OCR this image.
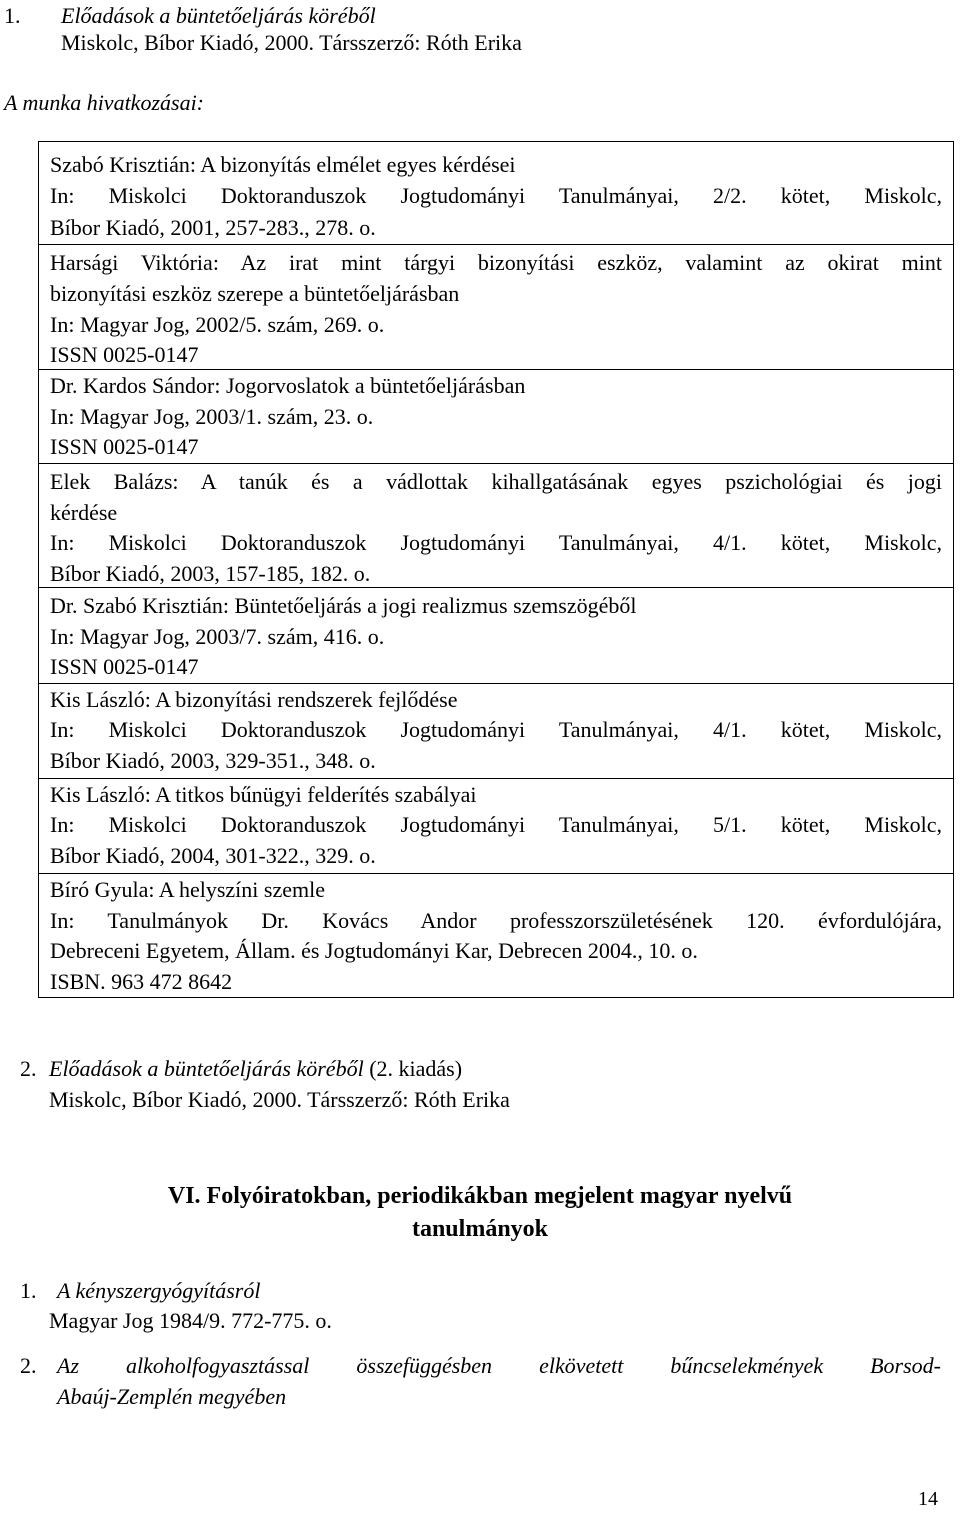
1. Előadások a büntetőeljárás köréből
Miskolc, Bíbor Kiadó, 2000. Társszerző: Róth Erika
A munka hivatkozásai:
Szabó Krisztián: A bizonyítás elmélet egyes kérdései
In: Miskolci Doktoranduszok Jogtudományi Tanulmányai, 2/2. kötet, Miskolc,
Bíbor Kiadó, 2001, 257-283., 278. o.
Harsági Viktória: Az irat mint tárgyi bizonyítási eszköz, valamint az okirat mint
bizonyítási eszköz szerepe a büntetőeljárásban
In: Magyar Jog, 2002/5. szám, 269. o.
ISSN 0025-0147
Dr. Kardos Sándor: Jogorvoslatok a büntetőeljárásban
In: Magyar Jog, 2003/1. szám, 23. o.
ISSN 0025-0147
Elek Balázs: A tanúk és a vádlottak kihallgatásának egyes pszichológiai és jogi
kérdése
In: Miskolci Doktoranduszok Jogtudományi Tanulmányai, 4/1. kötet, Miskolc,
Bíbor Kiadó, 2003, 157-185, 182. o.
Dr. Szabó Krisztián: Büntetőeljárás a jogi realizmus szemszögéből
In: Magyar Jog, 2003/7. szám, 416. o.
ISSN 0025-0147
Kis László: A bizonyítási rendszerek fejlődése
In: Miskolci Doktoranduszok Jogtudományi Tanulmányai, 4/1. kötet, Miskolc,
Bíbor Kiadó, 2003, 329-351., 348. o.
Kis László: A titkos bűnügyi felderítés szabályai
In: Miskolci Doktoranduszok Jogtudományi Tanulmányai, 5/1. kötet, Miskolc,
Bíbor Kiadó, 2004, 301-322., 329. o.
Bíró Gyula: A helyszíni szemle
In: Tanulmányok Dr. Kovács Andor professzorszületésének 120. évfordulójára,
Debreceni Egyetem, Állam. és Jogtudományi Kar, Debrecen 2004., 10. o.
ISBN. 963 472 8642
2. Előadások a büntetőeljárás köréből (2. kiadás)
Miskolc, Bíbor Kiadó, 2000. Társszerző: Róth Erika
VI. Folyóiratokban, periodikákban megjelent magyar nyelvű
tanulmányok
1. A kényszergyógyításról
Magyar Jog 1984/9. 772-775. o.
2. Az alkoholfogyasztással összefüggésben elkövetett bűncselekmények Borsod-
Abaúj-Zemplén megyében
14
